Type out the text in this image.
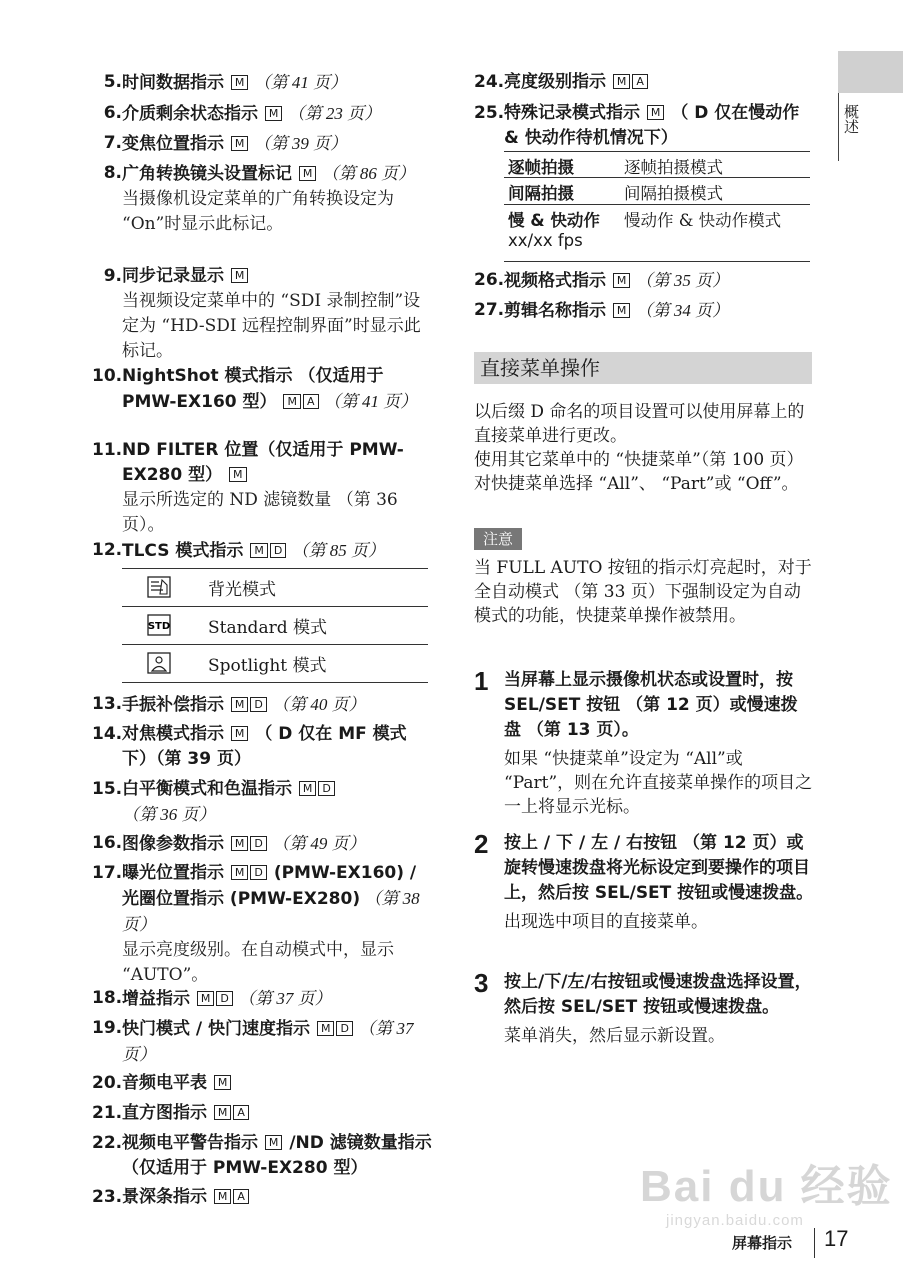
5. 时间数据指示 M （第 41 页）
6. 介质剩余状态指示 M （第 23 页）
7. 变焦位置指示 M （第 39 页）
8. 广角转换镜头设置标记 M （第 86 页）
当摄像机设定菜单的广角转换设定为 “On”时显示此标记。
9. 同步记录显示 M
当视频设定菜单中的 “SDI 录制控制”设定为 “HD-SDI 远程控制界面”时显示此标记。
10. NightShot 模式指示 （仅适用于 PMW-EX160 型） M A （第 41 页）
11. ND FILTER 位置（仅适用于 PMW-EX280 型） M
显示所选定的 ND 滤镜数量 （第 36 页）。
12. TLCS 模式指示 M D （第 85 页）
13. 手振补偿指示 M D （第 40 页）
14. 对焦模式指示 M （ D 仅在 MF 模式下）（第 39 页）
15. 白平衡模式和色温指示 M D （第 36 页）
16. 图像参数指示 M D （第 49 页）
17. 曝光位置指示 M D (PMW-EX160) / 光圈位置指示 (PMW-EX280) （第 38 页）
显示亮度级别。在自动模式中，显示 “AUTO”。
18. 增益指示 M D （第 37 页）
19. 快门模式 / 快门速度指示 M D （第 37 页）
20. 音频电平表 M
21. 直方图指示 M A
22. 视频电平警告指示 M /ND 滤镜数量指示 （仅适用于 PMW-EX280 型）
23. 景深条指示 M A
背光模式
STD Standard 模式
Spotlight 模式
24. 亮度级别指示 M A
25. 特殊记录模式指示 M （ D 仅在慢动作 & 快动作待机情况下）
26. 视频格式指示 M （第 35 页）
27. 剪辑名称指示 M （第 34 页）
逐帧拍摄	逐帧拍摄模式
间隔拍摄	间隔拍摄模式
慢 & 快动作
xx/xx fps
慢动作 & 快动作模式
直接菜单操作
以后缀 D 命名的项目设置可以使用屏幕上的直接菜单进行更改。
使用其它菜单中的 “快捷菜单”（第 100 页）对快捷菜单选择 “All”、 “Part”或 “Off”。
注意
当 FULL AUTO 按钮的指示灯亮起时，对于全自动模式 （第 33 页）下强制设定为自动模式的功能，快捷菜单操作被禁用。
1 当屏幕上显示摄像机状态或设置时，按 SEL/SET 按钮 （第 12 页）或慢速拨盘 （第 13 页）。
如果 “快捷菜单”设定为 “All”或 “Part”，则在允许直接菜单操作的项目之一上将显示光标。
2 按上 / 下 / 左 / 右按钮 （第 12 页）或旋转慢速拨盘将光标设定到要操作的项目上，然后按 SEL/SET 按钮或慢速拨盘。
出现选中项目的直接菜单。
3 按上/下/左/右按钮或慢速拨盘选择设置，然后按 SEL/SET 按钮或慢速拨盘。
菜单消失，然后显示新设置。
概述
屏幕指示 17
Bai du 经验
jingyan.baidu.com
